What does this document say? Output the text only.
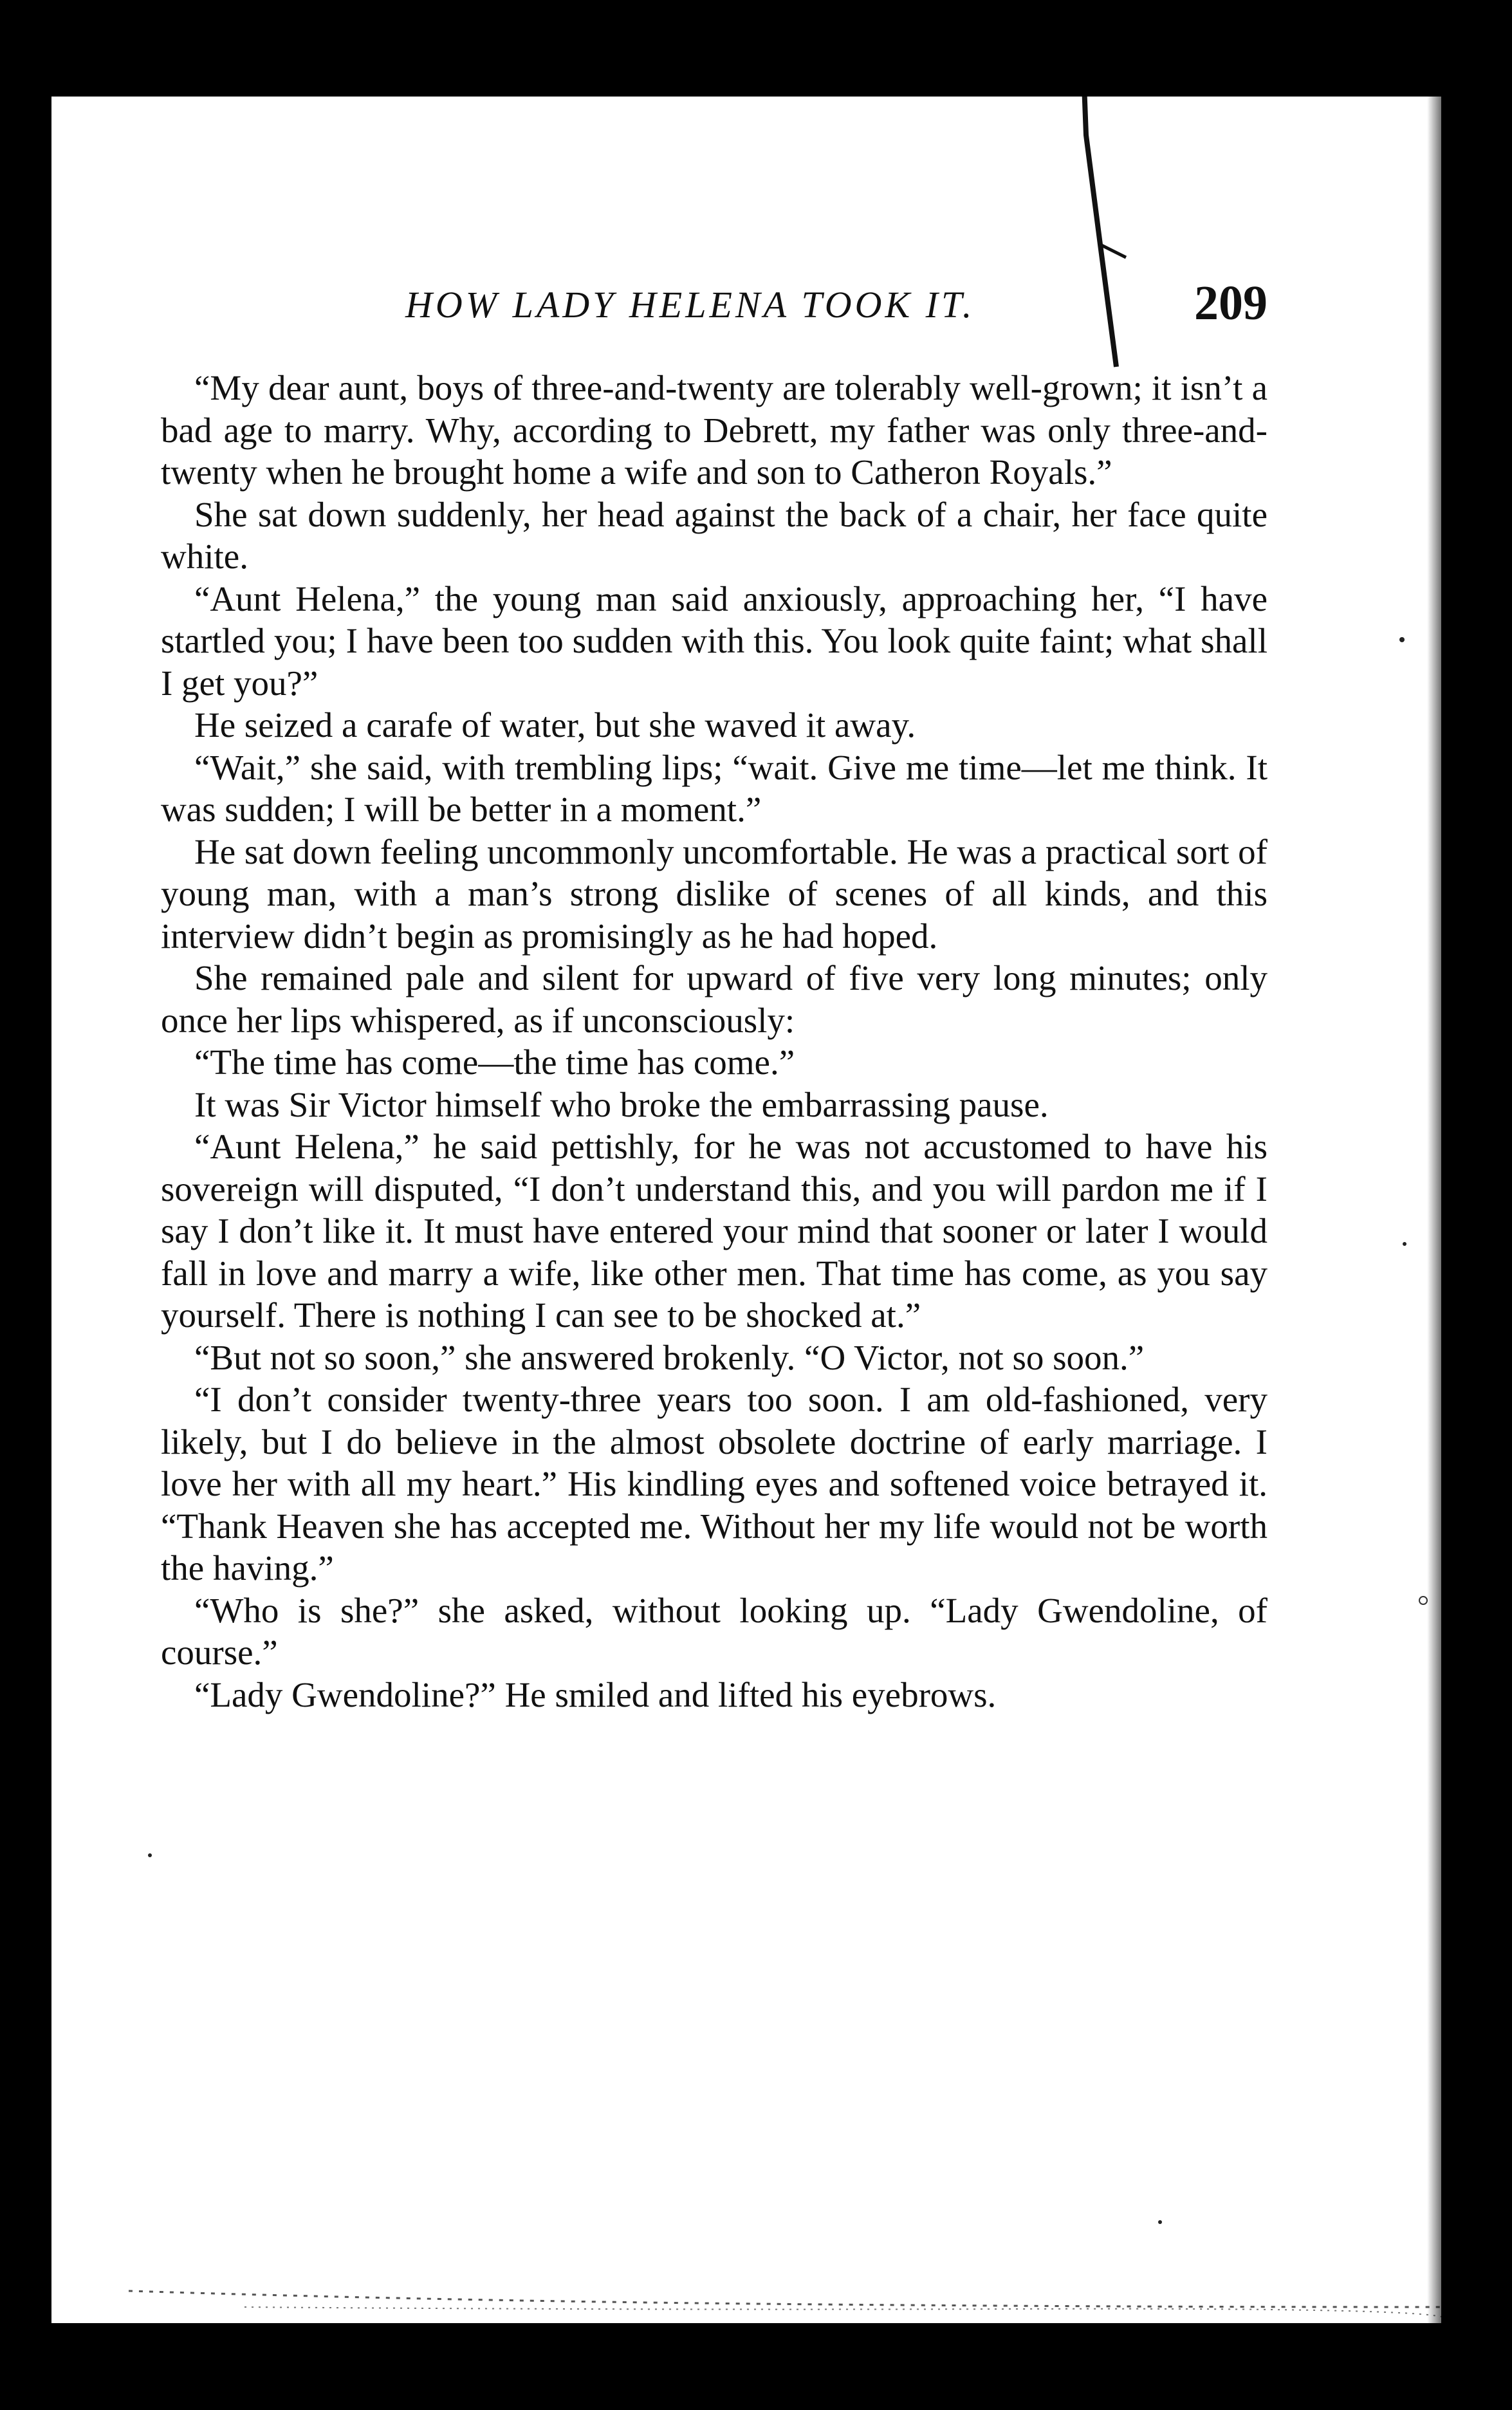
HOW LADY HELENA TOOK IT.	209

“My dear aunt, boys of three-and-twenty are tolerably well-grown; it isn’t a bad age to marry. Why, according to Debrett, my father was only three-and-twenty when he brought home a wife and son to Catheron Royals.”

She sat down suddenly, her head against the back of a chair, her face quite white.

“Aunt Helena,” the young man said anxiously, approaching her, “I have startled you; I have been too sudden with this. You look quite faint; what shall I get you?”

He seized a carafe of water, but she waved it away.

“Wait,” she said, with trembling lips; “wait. Give me time—let me think. It was sudden; I will be better in a moment.”

He sat down feeling uncommonly uncomfortable. He was a practical sort of young man, with a man’s strong dislike of scenes of all kinds, and this interview didn’t begin as promisingly as he had hoped.

She remained pale and silent for upward of five very long minutes; only once her lips whispered, as if unconsciously:

“The time has come—the time has come.”

It was Sir Victor himself who broke the embarrassing pause.

“Aunt Helena,” he said pettishly, for he was not accustomed to have his sovereign will disputed, “I don’t understand this, and you will pardon me if I say I don’t like it. It must have entered your mind that sooner or later I would fall in love and marry a wife, like other men. That time has come, as you say yourself. There is nothing I can see to be shocked at.”

“But not so soon,” she answered brokenly. “O Victor, not so soon.”

“I don’t consider twenty-three years too soon. I am old-fashioned, very likely, but I do believe in the almost obsolete doctrine of early marriage. I love her with all my heart.” His kindling eyes and softened voice betrayed it. “Thank Heaven she has accepted me. Without her my life would not be worth the having.”

“Who is she?” she asked, without looking up. “Lady Gwendoline, of course.”

“Lady Gwendoline?” He smiled and lifted his eyebrows.
